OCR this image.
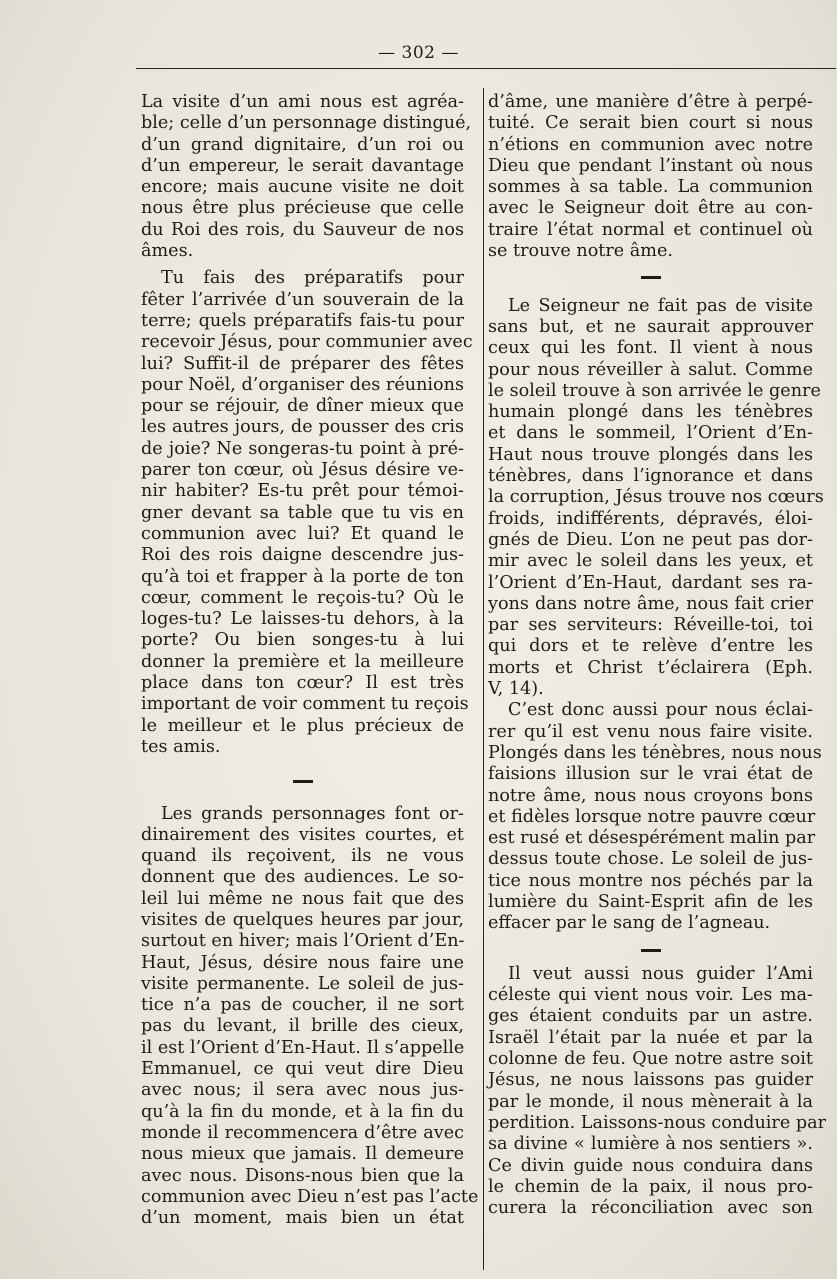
— 302 —
La visite d’un ami nous est agréa-
ble; celle d’un personnage distingué,
d’un grand dignitaire, d’un roi ou
d’un empereur, le serait davantage
encore; mais aucune visite ne doit
nous être plus précieuse que celle
du Roi des rois, du Sauveur de nos
âmes.
Tu fais des préparatifs pour
fêter l’arrivée d’un souverain de la
terre; quels préparatifs fais-tu pour
recevoir Jésus, pour communier avec
lui? Suffit-il de préparer des fêtes
pour Noël, d’organiser des réunions
pour se réjouir, de dîner mieux que
les autres jours, de pousser des cris
de joie? Ne songeras-tu point à pré-
parer ton cœur, où Jésus désire ve-
nir habiter? Es-tu prêt pour témoi-
gner devant sa table que tu vis en
communion avec lui? Et quand le
Roi des rois daigne descendre jus-
qu’à toi et frapper à la porte de ton
cœur, comment le reçois-tu? Où le
loges-tu? Le laisses-tu dehors, à la
porte? Ou bien songes-tu à lui
donner la première et la meilleure
place dans ton cœur? Il est très
important de voir comment tu reçois
le meilleur et le plus précieux de
tes amis.
Les grands personnages font or-
dinairement des visites courtes, et
quand ils reçoivent, ils ne vous
donnent que des audiences. Le so-
leil lui même ne nous fait que des
visites de quelques heures par jour,
surtout en hiver; mais l’Orient d’En-
Haut, Jésus, désire nous faire une
visite permanente. Le soleil de jus-
tice n’a pas de coucher, il ne sort
pas du levant, il brille des cieux,
il est l’Orient d’En-Haut. Il s’appelle
Emmanuel, ce qui veut dire Dieu
avec nous; il sera avec nous jus-
qu’à la fin du monde, et à la fin du
monde il recommencera d’être avec
nous mieux que jamais. Il demeure
avec nous. Disons-nous bien que la
communion avec Dieu n’est pas l’acte
d’un moment, mais bien un état
d’âme, une manière d’être à perpé-
tuité. Ce serait bien court si nous
n’étions en communion avec notre
Dieu que pendant l’instant où nous
sommes à sa table. La communion
avec le Seigneur doit être au con-
traire l’état normal et continuel où
se trouve notre âme.
Le Seigneur ne fait pas de visite
sans but, et ne saurait approuver
ceux qui les font. Il vient à nous
pour nous réveiller à salut. Comme
le soleil trouve à son arrivée le genre
humain plongé dans les ténèbres
et dans le sommeil, l’Orient d’En-
Haut nous trouve plongés dans les
ténèbres, dans l’ignorance et dans
la corruption, Jésus trouve nos cœurs
froids, indifférents, dépravés, éloi-
gnés de Dieu. L’on ne peut pas dor-
mir avec le soleil dans les yeux, et
l’Orient d’En-Haut, dardant ses ra-
yons dans notre âme, nous fait crier
par ses serviteurs: Réveille-toi, toi
qui dors et te relève d’entre les
morts et Christ t’éclairera (Eph.
V, 14).
C’est donc aussi pour nous éclai-
rer qu’il est venu nous faire visite.
Plongés dans les ténèbres, nous nous
faisions illusion sur le vrai état de
notre âme, nous nous croyons bons
et fidèles lorsque notre pauvre cœur
est rusé et désespérément malin par
dessus toute chose. Le soleil de jus-
tice nous montre nos péchés par la
lumière du Saint-Esprit afin de les
effacer par le sang de l’agneau.
Il veut aussi nous guider l’Ami
céleste qui vient nous voir. Les ma-
ges étaient conduits par un astre.
Israël l’était par la nuée et par la
colonne de feu. Que notre astre soit
Jésus, ne nous laissons pas guider
par le monde, il nous mènerait à la
perdition. Laissons-nous conduire par
sa divine « lumière à nos sentiers ».
Ce divin guide nous conduira dans
le chemin de la paix, il nous pro-
curera la réconciliation avec son
